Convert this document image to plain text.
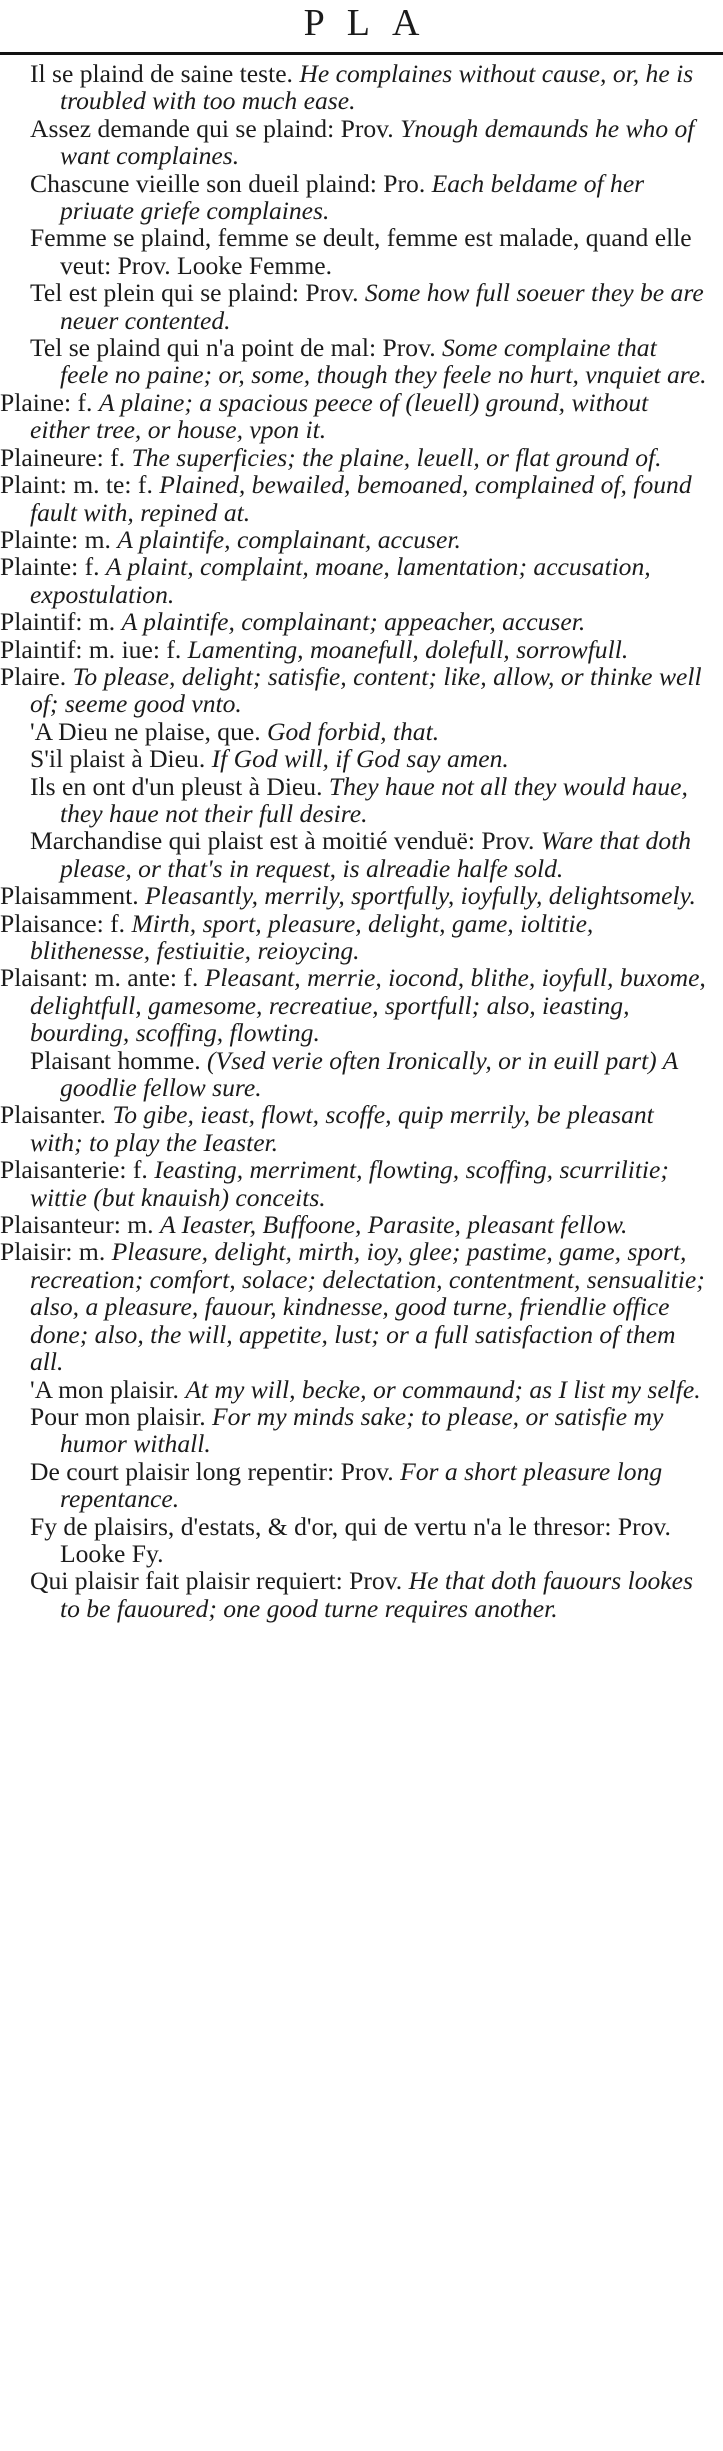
PLA
Il se plaind de saine teste. He complaines without cause, or, he is troubled with too much ease.
Assez demande qui se plaind: Prov. Ynough demaunds he who of want complaines.
Chascune vieille son dueil plaind: Pro. Each beldame of her priuate griefe complaines.
Femme se plaind, femme se deult, femme est malade, quand elle veut: Prov. Looke Femme.
Tel est plein qui se plaind: Prov. Some how full soeuer they be are neuer contented.
Tel se plaind qui n'a point de mal: Prov. Some complaine that feele no paine; or, some, though they feele no hurt, vnquiet are.
Plaine: f. A plaine; a spacious peece of (leuell) ground, without either tree, or house, vpon it.
Plaineure: f. The superficies; the plaine, leuell, or flat ground of.
Plaint: m. te: f. Plained, bewailed, bemoaned, complained of, found fault with, repined at.
Plainte: m. A plaintife, complainant, accuser.
Plainte: f. A plaint, complaint, moane, lamentation; accusation, expostulation.
Plaintif: m. A plaintife, complainant; appeacher, accuser.
Plaintif: m. iue: f. Lamenting, moanefull, dolefull, sorrowfull.
Plaire. To please, delight; satisfie, content; like, allow, or thinke well of; seeme good vnto.
'A Dieu ne plaise, que. God forbid, that.
S'il plaist à Dieu. If God will, if God say amen.
Ils en ont d'un pleust à Dieu. They haue not all they would haue, they haue not their full desire.
Marchandise qui plaist est à moitié venduë: Prov. Ware that doth please, or that's in request, is alreadie halfe sold.
Plaisamment. Pleasantly, merrily, sportfully, ioyfully, delightsomely.
Plaisance: f. Mirth, sport, pleasure, delight, game, ioltitie, blithenesse, festiuitie, reioycing.
Plaisant: m. ante: f. Pleasant, merrie, iocond, blithe, ioyfull, buxome, delightfull, gamesome, recreatiue, sportfull; also, ieasting, bourding, scoffing, flowting.
Plaisant homme. (Vsed verie often Ironically, or in euill part) A goodlie fellow sure.
Plaisanter. To gibe, ieast, flowt, scoffe, quip merrily, be pleasant with; to play the Ieaster.
Plaisanterie: f. Ieasting, merriment, flowting, scoffing, scurrilitie; wittie (but knauish) conceits.
Plaisanteur: m. A Ieaster, Buffoone, Parasite, pleasant fellow.
Plaisir: m. Pleasure, delight, mirth, ioy, glee; pastime, game, sport, recreation; comfort, solace; delectation, contentment, sensualitie; also, a pleasure, fauour, kindnesse, good turne, friendlie office done; also, the will, appetite, lust; or a full satisfaction of them all.
'A mon plaisir. At my will, becke, or commaund; as I list my selfe.
Pour mon plaisir. For my minds sake; to please, or satisfie my humor withall.
De court plaisir long repentir: Prov. For a short pleasure long repentance.
Fy de plaisirs, d'estats, & d'or, qui de vertu n'a le thresor: Prov. Looke Fy.
Qui plaisir fait plaisir requiert: Prov. He that doth fauours lookes to be fauoured; one good turne requires another.
